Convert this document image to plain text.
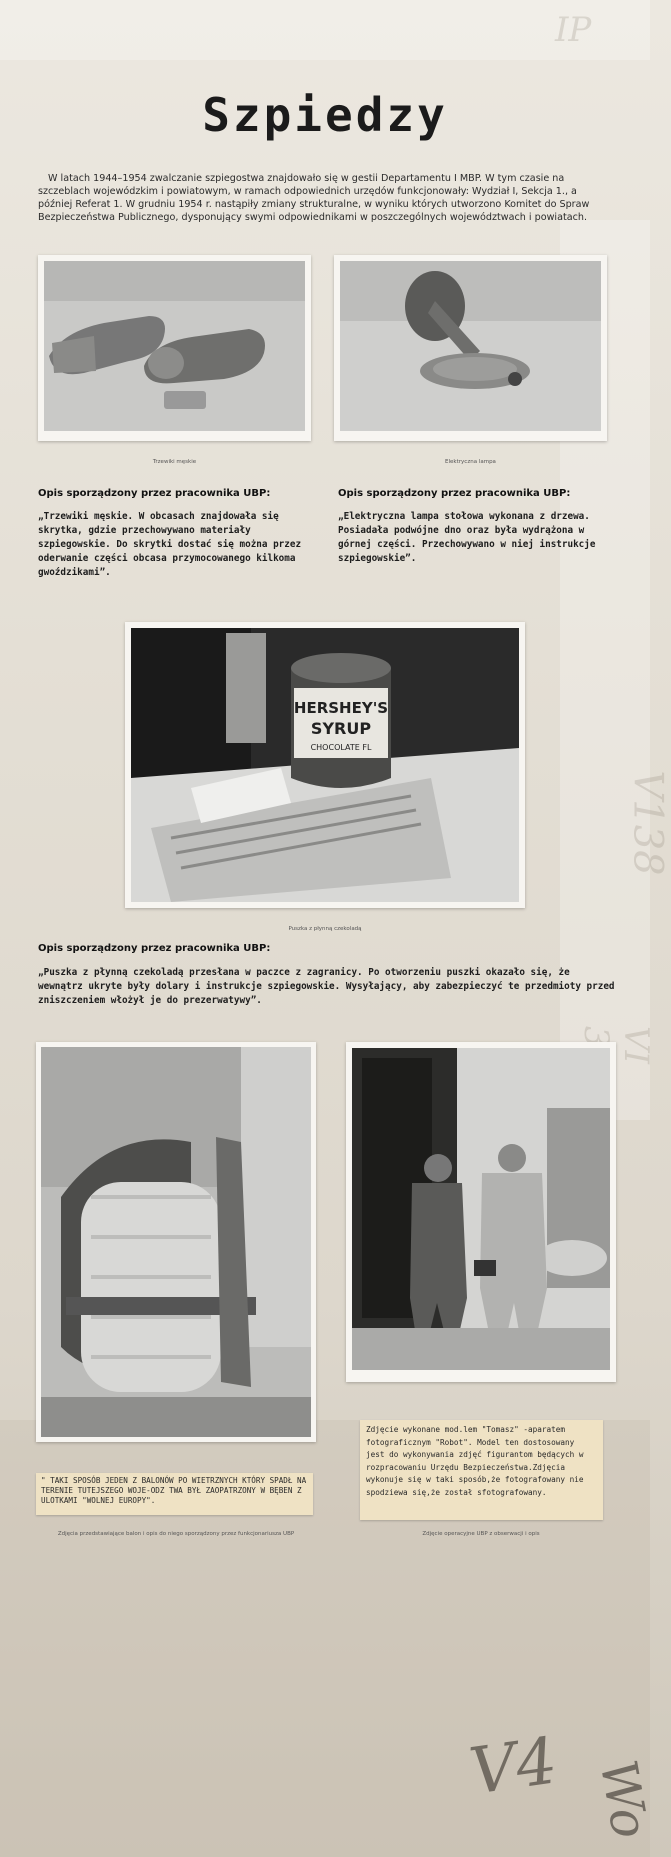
IP
V138
VI
V4 Wo
Szpiedzy

W latach 1944–1954 zwalczanie szpiegostwa znajdowało się w gestii Departamentu I MBP. W tym czasie na szczeblach wojewódzkim i powiatowym, w ramach odpowiednich urzędów funkcjonowały: Wydział I, Sekcja 1., a później Referat 1. W grudniu 1954 r. nastąpiły zmiany strukturalne, w wyniku których utworzono Komitet do Spraw Bezpieczeństwa Publicznego, dysponujący swymi odpowiednikami w poszczególnych województwach i powiatach.

Trzewiki męskie	Elektryczna lampa
Opis sporządzony przez pracownika UBP:

„Trzewiki męskie. W obcasach znajdowała się skrytka, gdzie przechowywano materiały szpiegowskie. Do skrytki dostać się można przez oderwanie części obcasa przymocowanego kilkoma gwoździkami”.

Opis sporządzony przez pracownika UBP:

„Elektryczna lampa stołowa wykonana z drzewa. Posiadała podwójne dno oraz była wydrążona w górnej części. Przechowywano w niej instrukcje szpiegowskie”.

HERSHEY'S
SYRUP
CHOCOLATE FL
Puszka z płynną czekoladą
Opis sporządzony przez pracownika UBP:

„Puszka z płynną czekoladą przesłana w paczce z zagranicy. Po otworzeniu puszki okazało się, że wewnątrz ukryte były dolary i instrukcje szpiegowskie. Wysyłający, aby zabezpieczyć te przedmioty przed zniszczeniem włożył je do prezerwatywy”.

" TAKI SPOSÓB JEDEN Z BALONÓW PO WIETRZNYCH KTÓRY SPADŁ NA TERENIE TUTEJSZEGO WOJE-ODZ TWA BYŁ ZAOPATRZONY W BĘBEN Z ULOTKAMI "WOLNEJ EUROPY".
Zdjęcia przedstawiające balon i opis do niego sporządzony przez funkcjonariusza UBP
Zdjęcie wykonane mod.lem "Tomasz" -aparatem fotograficznym "Robot". Model ten dostosowany jest do wykonywania zdjęć figurantom będących w rozpracowaniu Urzędu Bezpieczeństwa.Zdjęcia wykonuje się w taki sposób,że fotografowany nie spodziewa się,że został sfotografowany.
Zdjęcie operacyjne UBP z obserwacji i opis
